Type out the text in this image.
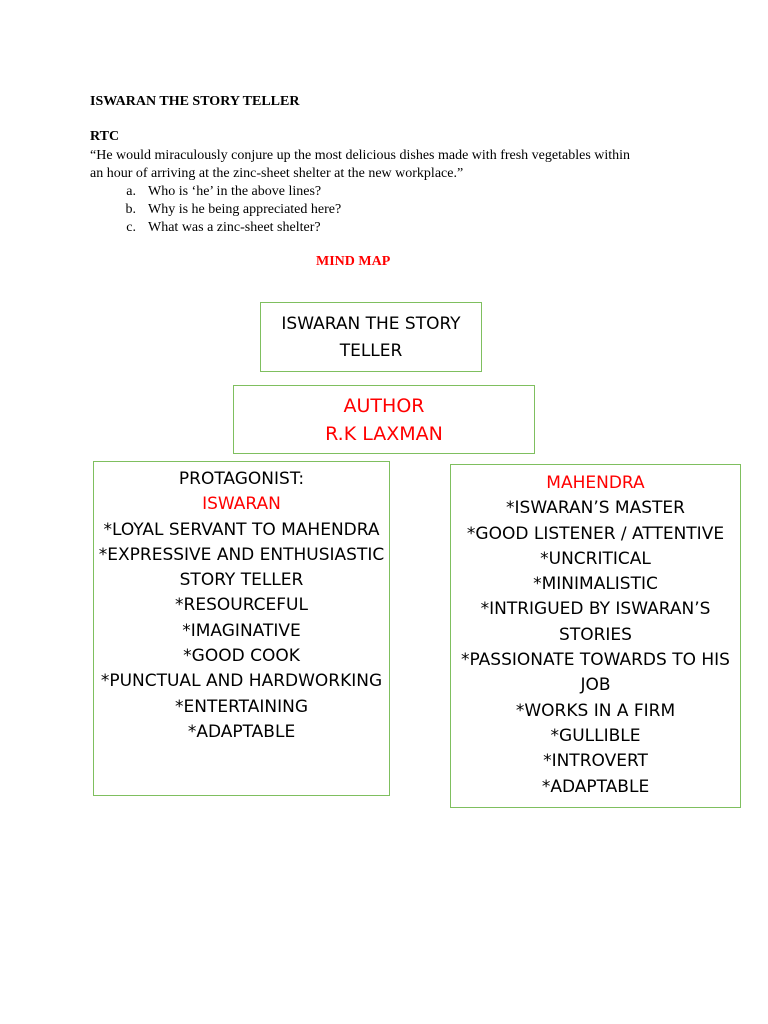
ISWARAN THE STORY TELLER
RTC

“He would miraculously conjure up the most delicious dishes made with fresh vegetables within
an hour of arriving at the zinc-sheet shelter at the new workplace.”

a. Who is ‘he’ in the above lines?
b. Why is he being appreciated here?
c. What was a zinc-sheet shelter?

MIND MAP

ISWARAN THE STORY
TELLER
AUTHOR
R.K LAXMAN
PROTAGONIST:
ISWARAN
*LOYAL SERVANT TO MAHENDRA
*EXPRESSIVE AND ENTHUSIASTIC
STORY TELLER
*RESOURCEFUL
*IMAGINATIVE
*GOOD COOK
*PUNCTUAL AND HARDWORKING
*ENTERTAINING
*ADAPTABLE
MAHENDRA
*ISWARAN’S MASTER
*GOOD LISTENER / ATTENTIVE
*UNCRITICAL
*MINIMALISTIC
*INTRIGUED BY ISWARAN’S
STORIES
*PASSIONATE TOWARDS TO HIS
JOB
*WORKS IN A FIRM
*GULLIBLE
*INTROVERT
*ADAPTABLE
